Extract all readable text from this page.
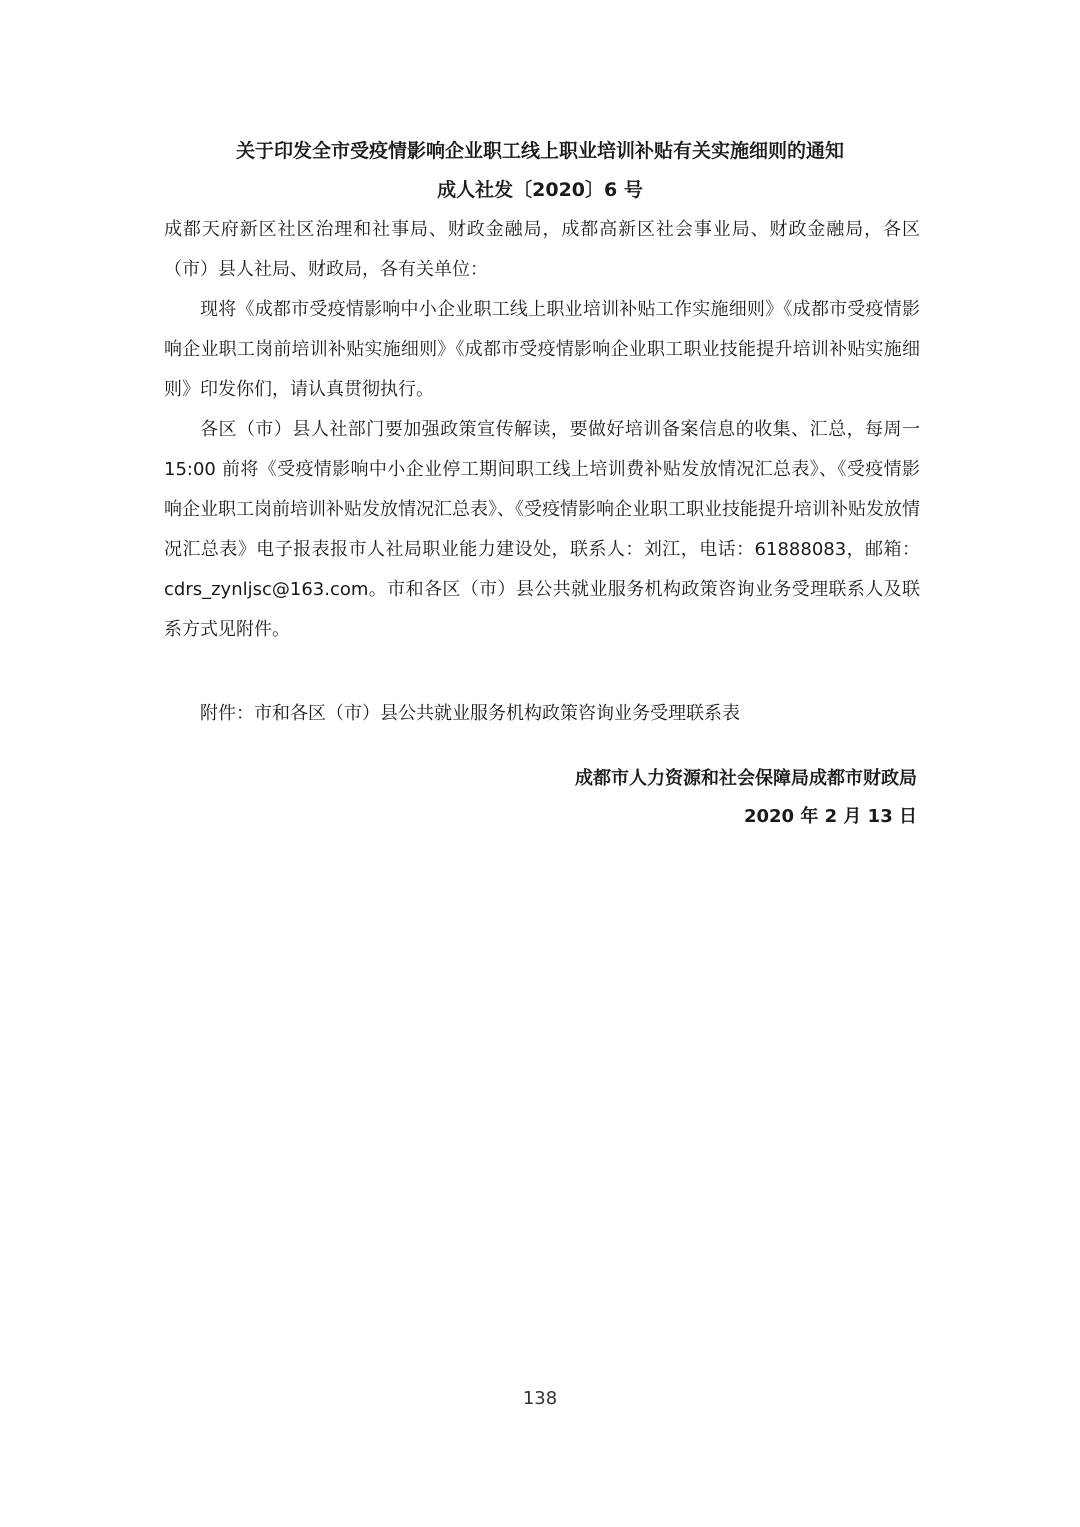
关于印发全市受疫情影响企业职工线上职业培训补贴有关实施细则的通知
成人社发〔2020〕6 号

成都天府新区社区治理和社事局、财政金融局，成都高新区社会事业局、财政金融局，各区（市）县人社局、财政局，各有关单位：

现将《成都市受疫情影响中小企业职工线上职业培训补贴工作实施细则》《成都市受疫情影响企业职工岗前培训补贴实施细则》《成都市受疫情影响企业职工职业技能提升培训补贴实施细则》印发你们，请认真贯彻执行。

各区（市）县人社部门要加强政策宣传解读，要做好培训备案信息的收集、汇总，每周一 15:00 前将《受疫情影响中小企业停工期间职工线上培训费补贴发放情况汇总表》、《受疫情影响企业职工岗前培训补贴发放情况汇总表》、《受疫情影响企业职工职业技能提升培训补贴发放情况汇总表》电子报表报市人社局职业能力建设处，联系人：刘江，电话：61888083，邮箱：cdrs_zynljsc@163.com。市和各区（市）县公共就业服务机构政策咨询业务受理联系人及联系方式见附件。

附件：市和各区（市）县公共就业服务机构政策咨询业务受理联系表

成都市人力资源和社会保障局成都市财政局

2020 年 2 月 13 日

138
